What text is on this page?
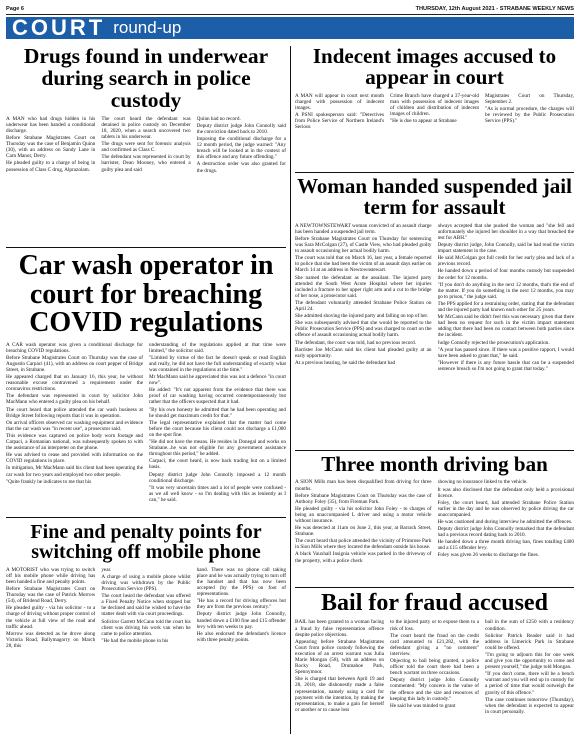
Page 6	THURSDAY, 12th August 2021 - STRABANE WEEKLY NEWS
COURT round-up
Drugs found in underwear during search in police custody

A MAN who had drugs hidden in his underwear has been handed a conditional discharge.

Before Strabane Magistrates Court on Thursday was the case of Benjamin Quinn (30), with an address on Sandy Lane in Carn Manor, Derry.

He pleaded guilty to a charge of being in possession of Class C drug, Alprazolam.

The court heard the defendant was detained in police custody on December 18, 2020, when a search uncovered two tablets in his underwear.

The drugs were sent for forensic analysis and confirmed as Class C.

The defendant was represented in court by barrister, Dean Mooney, who entered a guilty plea and said

Quinn had no record.

Deputy district judge John Connolly said the conviction dated back to 2010.

Imposing the conditional discharge for a 12 month period, the judge warned: "Any breach will be looked at in the context of this offence and any future offending."

A destruction order was also granted for the drugs.

Car wash operator in court for breaching COVID regulations

A CAR wash operator was given a conditional discharge for breaching COVID regulations.

Before Strabane Magistrates Court on Thursday was the case of Augustin Carpaci (41), with an address on court pepper of Bridge Street, in Strabane.

He appeared charged that on January 16, this year, he without reasonable excuse contravened a requirement under the coronavirus restrictions.

The defendant was represented in court by solicitor John MacMann who entered a guilty plea on his behalf.

The court heard that police attended the car wash business at Bridge Street following reports that it was in operation.

On arrival officers observed car washing equipment and evidence that the car wash was "in recent use", a prosecutor said.

This evidence was captured on police body worn footage and Carpaci, a Romanian national, was subsequently spoken to with the assistance of an interpreter on the phone.

He was advised to cease and provided with information on the COVID regulations in place.

In mitigation, Mr MacMann said his client had been operating the car wash for two years and employed two other people.

"Quite frankly he indicates to me that his

understanding of the regulations applied at that time were limited," the solicitor said.

"Limited by virtue of the fact he doesn't speak or read English and really, he did not have the full understanding of exactly what was contained in the regulations at the time."

Mr MacMann said he appreciated this was not a defence "in court now".

He added: "It's not apparent from the evidence that there was proof of car washing having occurred contemporaneously but rather that the officers suspected that it had.

"By his own honesty he admitted that he had been operating and he should get maximum credit for that."

The legal representative explained that the matter had come before the court because his client could not discharge a £1,000 on the spot fine.

"He did not have the means. He resides in Donegal and works on Strabane...he was not eligible for any government assistance throughout this period," he added.

Carpaci, the court heard, is now back trading but on a limited basis.

Deputy district judge John Connolly imposed a 12 month conditional discharge.

"It was very uncertain times and a lot of people were confused - as we all well know - so I'm dealing with this as leniently as I can," he said.

Fine and penalty points for switching off mobile phone

A MOTORIST who was trying to switch off his mobile phone while driving has been handed a fine and penalty points.

Before Strabane Magistrates Court on Thursday was the case of Patrick Morrow (54), of Bridend Road, Derry.

He pleaded guilty - via his solicitor - to a charge of driving without proper control of the vehicle at full view of the road and traffic ahead.

Morrow was detected as he drove along Victoria Road, Ballymagorry on March 28, this

year.

A charge of using a mobile phone whilst driving was withdrawn by the Public Prosecution Service (PPS).

The court heard the defendant was offered a Fixed Penalty Notice when stopped but he declined and said he wished to have the matter dealt with via court proceedings.

Solicitor Garrett McCann told the court his client was driving his work van when he came to police attention.

"He had the mobile phone in his

hand. There was no phone call taking place and he was actually trying to turn off the handset and that has now been accepted (by the PPS) on foot of representations.

"He has a record for driving offences but they are from the previous century."

Deputy district judge John Connolly, handed down a £100 fine and £15 offender levy with ten weeks to pay.

He also endorsed the defendant's licence with three penalty points.

Indecent images accused to appear in court

A MAN will appear in court next month charged with possession of indecent images.

A PSNI spokesperson said: "Detectives from Police Service of Northern Ireland's Serious

Crime Branch have charged a 37-year-old man with possession of indecent images of children and distribution of indecent images of children.

"He is due to appear at Strabane

Magistrates Court on Thursday, September 2.

"As is normal procedure, the charges will be reviewed by the Public Prosecution Service (PPS)."

Woman handed suspended jail term for assault

A NEWTOWNSTEWART woman convicted of an assault charge has been handed a suspended jail term.

Before Strabane Magistrates Court on Thursday for sentencing was Sara McColgan (27), of Castle View, who had pleaded guilty to assault occasioning her actual bodily harm.

The court was told that on March 16, last year, a female reported to police that she had been the victim of an assault days earlier on March 14 at an address in Newtownstewart.

She named the defendant as the assailant. The injured party attended the South West Acute Hospital where her injuries included a fracture to her upper right arm and a cut to the bridge of her nose, a prosecutor said.

The defendant voluntarily attended Strabane Police Station on April 24.

She admitted shoving the injured party and falling on top of her.

She was subsequently advised that she would be reported to the Public Prosecution Service (PPS) and was charged to court on the offence of assault occasioning actual bodily harm.

The defendant, the court was told, had no previous record.

Barrister Joe McCann said his client had pleaded guilty at an early opportunity.

At a previous hearing, he said the defendant had

always accepted that she pushed the woman and "she fell and unfortunately she injured her shoulder in a way that breached the test for ABH."

Deputy district judge, John Connolly, said he had read the victim impact statement in the case.

He said McColgan got full credit for her early plea and lack of a previous record.

He handed down a period of four months custody but suspended the order for 12 months.

"If you don't do anything in the next 12 months, that's the end of the matter. If you do something in the next 12 months, you may go to prison," the judge said.

The PPS applied for a restraining order, stating that the defendant and the injured party had known each other for 25 years.

Mr McCann said he didn't feel this was necessary given that there had been no request for such in the victim impact statement adding that there had been no contact between both parties since the incident.

Judge Connolly rejected the prosecution's application.

"A year has passed since. If there was a positive rapport, I would have been asked to grant that," he said.

"However if there is any future hassle that can be a suspended sentence breach so I'm not going to grant that today."

Three month driving ban

A SION Mills man has been disqualified from driving for three months.

Before Strabane Magistrates Court on Thursday was the case of Anthony Foley (35), from Fireman Park.

He pleaded guilty - via his solicitor John Foley - to charges of being an unaccompanied L driver and using a motor vehicle without insurance.

He was detected at 11am on June 2, this year, at Barrack Street, Strabane.

The court heard that police attended the vicinity of Primrose Park in Sion Mills where they located the defendant outside his house.

A black Vauxhall Insignia vehicle was parked in the driveway of the property, with a police check

showing no insurance linked to the vehicle.

It was also disclosed that the defendant only held a provisional licence.

Foley, the court heard, had attended Strabane Police Station earlier in the day and he was observed by police driving the car unaccompanied.

He was cautioned and during interview he admitted the offences.

Deputy district judge John Connolly remarked that the defendant had a previous record dating back to 2010.

He handed down a three month driving ban, fines totalling £400 and a £15 offender levy.

Foley was given 26 weeks to discharge the fines.

Bail for fraud accused

BAIL has been granted to a woman facing a fraud by false representation offence despite police objections.

Appearing before Strabane Magistrates Court from police custody following the execution of an arrest warrant was Julia Marie Mongan (58), with an address on Rocky Road, Drumahoe Park, Spennymoor.

She is charged that between April 19 and 28, 2018, she dishonestly made a false representation, namely using a card for payment with the intention, by making the representation, to make a gain for herself or another or to cause loss

to the injured party or to expose them to a risk of loss.

The court heard the fraud on the credit card amounted to £21,282, with the defendant giving a "no comment" interview.

Objecting to bail being granted, a police officer told the court there had been a bench warrant on three occasions.

Deputy district judge John Connolly commented: "My concern is the value of the offence and the size and resources of keeping this lady in custody."

He said he was minded to grant

bail in the sum of £250 with a residency condition.

Solicitor Patrick Reader said it had address in Limerick Park in Strabane could be offered.

"I'm going to adjourn this for one week and give you the opportunity to come and present yourself," the judge told Mongan.

"If you don't come, there will be a bench warrant and you will end up in custody for a period of time that would outweigh the gravity of this offence."

The case continues tomorrow (Thursday), when the defendant is expected to appear in court personally.
